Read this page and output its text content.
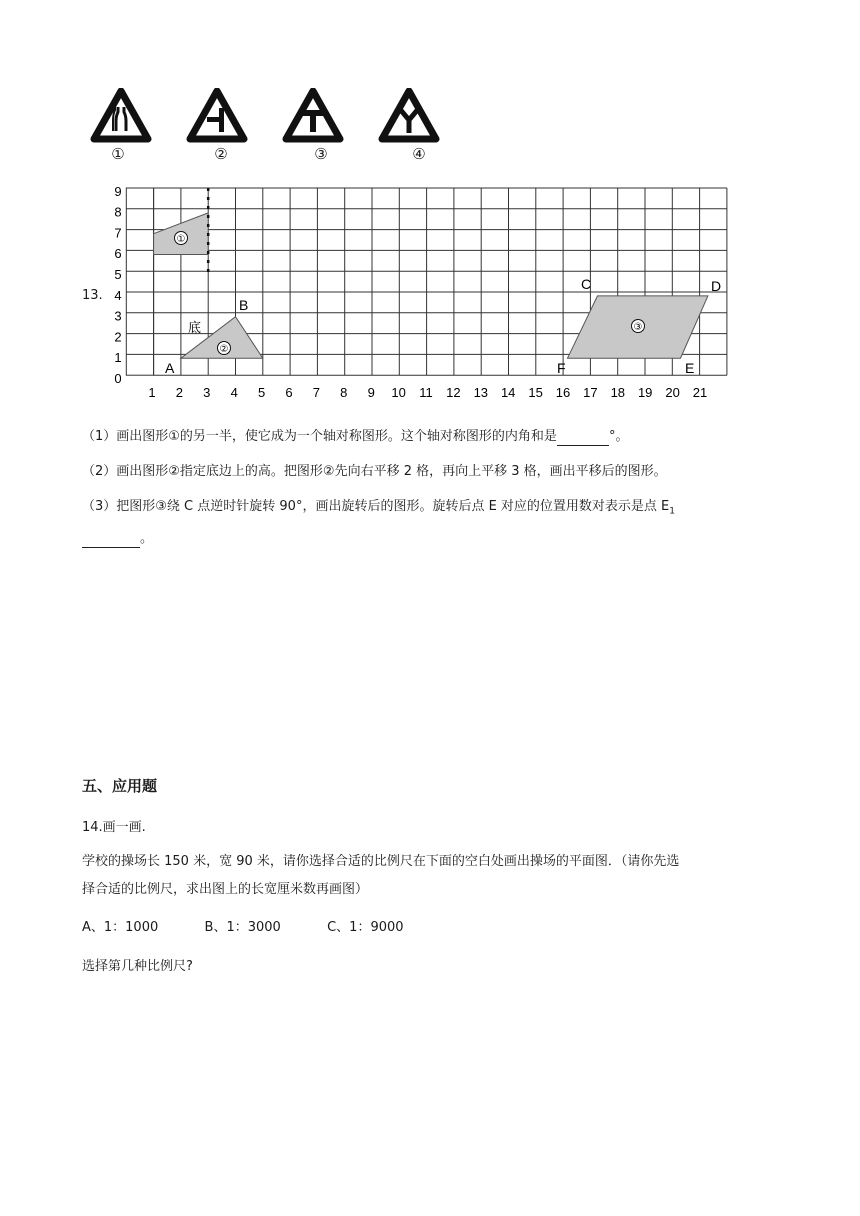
①	②	③	④
13.
①
②
③
底
A
B
C	D
E
F
1 2 3 4 5 6 7 8 9 10 11 12 13 14 15 16 17 18 19 20 21
0
1
2
3
4
5
6
7
8
9
（1）画出图形①的另一半，使它成为一个轴对称图形。这个轴对称图形的内角和是	°。
（2）画出图形②指定底边上的高。把图形②先向右平移 2 格，再向上平移 3 格，画出平移后的图形。
（3）把图形③绕 C 点逆时针旋转 90°，画出旋转后的图形。旋转后点 E 对应的位置用数对表示是点 $E_1$
。
五、应用题
14.画一画.
学校的操场长 150 米，宽 90 米，请你选择合适的比例尺在下面的空白处画出操场的平面图．（请你先选
择合适的比例尺，求出图上的长宽厘米数再画图）
A、1：1000	B、1：3000	C、1：9000
选择第几种比例尺?
